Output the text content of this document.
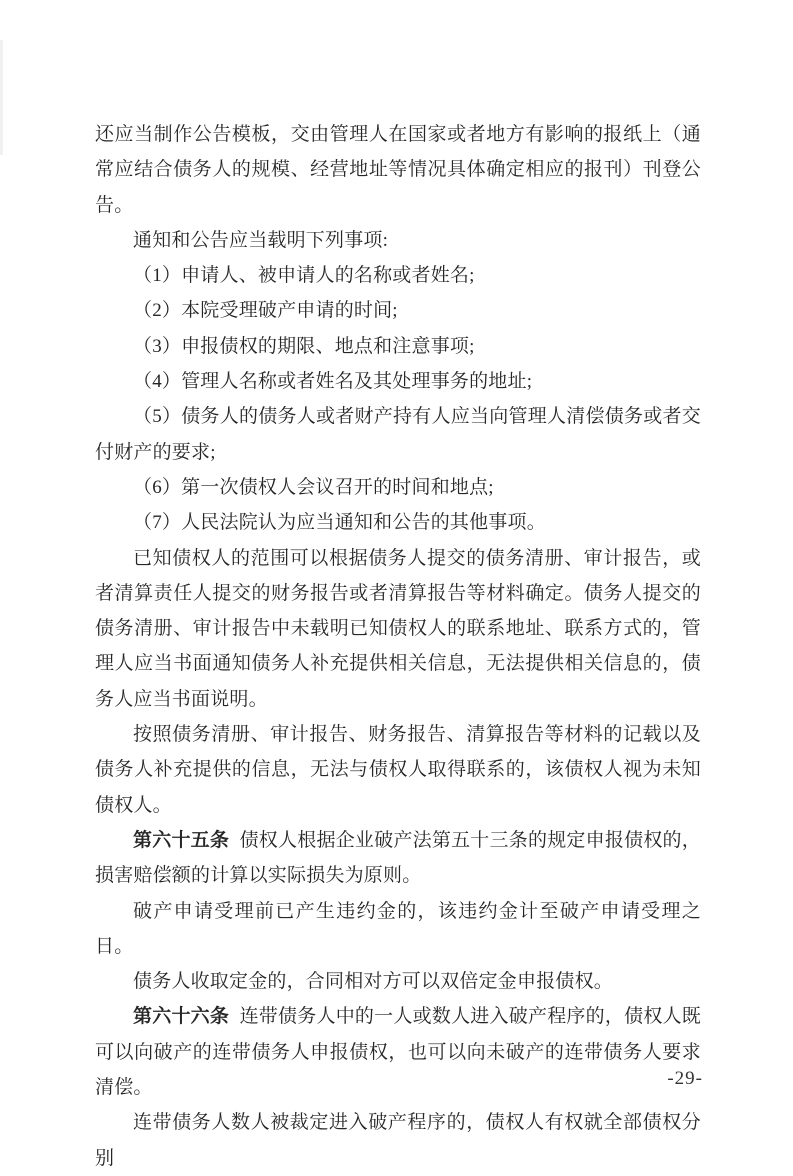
还应当制作公告模板，交由管理人在国家或者地方有影响的报纸上（通常应结合债务人的规模、经营地址等情况具体确定相应的报刊）刊登公告。

通知和公告应当载明下列事项:

（1）申请人、被申请人的名称或者姓名;

（2）本院受理破产申请的时间;

（3）申报债权的期限、地点和注意事项;

（4）管理人名称或者姓名及其处理事务的地址;

（5）债务人的债务人或者财产持有人应当向管理人清偿债务或者交付财产的要求;

（6）第一次债权人会议召开的时间和地点;

（7）人民法院认为应当通知和公告的其他事项。

已知债权人的范围可以根据债务人提交的债务清册、审计报告，或者清算责任人提交的财务报告或者清算报告等材料确定。债务人提交的债务清册、审计报告中未载明已知债权人的联系地址、联系方式的，管理人应当书面通知债务人补充提供相关信息，无法提供相关信息的，债务人应当书面说明。

按照债务清册、审计报告、财务报告、清算报告等材料的记载以及债务人补充提供的信息，无法与债权人取得联系的，该债权人视为未知债权人。

第六十五条 债权人根据企业破产法第五十三条的规定申报债权的，损害赔偿额的计算以实际损失为原则。

破产申请受理前已产生违约金的，该违约金计至破产申请受理之日。

债务人收取定金的，合同相对方可以双倍定金申报债权。

第六十六条 连带债务人中的一人或数人进入破产程序的，债权人既可以向破产的连带债务人申报债权，也可以向未破产的连带债务人要求清偿。

连带债务人数人被裁定进入破产程序的，债权人有权就全部债权分别

-29-
